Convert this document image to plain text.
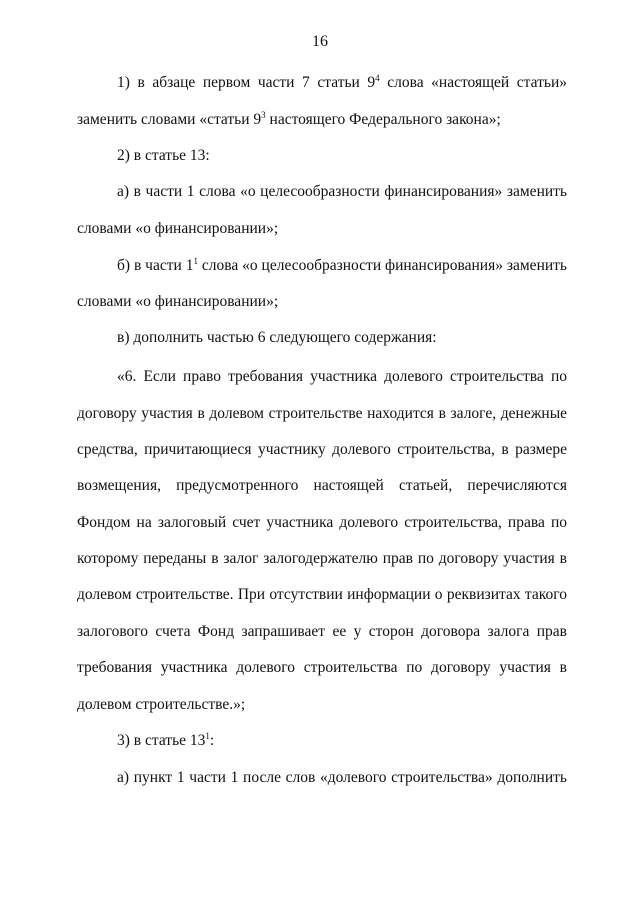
16
1) в абзаце первом части 7 статьи $9^4$ слова «настоящей статьи»
заменить словами «статьи $9^3$ настоящего Федерального закона»;
2) в статье 13:
а) в части 1 слова «о целесообразности финансирования» заменить
словами «о финансировании»;
б) в части $1^1$ слова «о целесообразности финансирования» заменить
словами «о финансировании»;
в) дополнить частью 6 следующего содержания:
«6. Если право требования участника долевого строительства по
договору участия в долевом строительстве находится в залоге, денежные
средства, причитающиеся участнику долевого строительства, в размере
возмещения, предусмотренного настоящей статьей, перечисляются
Фондом на залоговый счет участника долевого строительства, права по
которому переданы в залог залогодержателю прав по договору участия в
долевом строительстве. При отсутствии информации о реквизитах такого
залогового счета Фонд запрашивает ее у сторон договора залога прав
требования участника долевого строительства по договору участия в
долевом строительстве.»;
3) в статье $13^1$:
а) пункт 1 части 1 после слов «долевого строительства» дополнить
